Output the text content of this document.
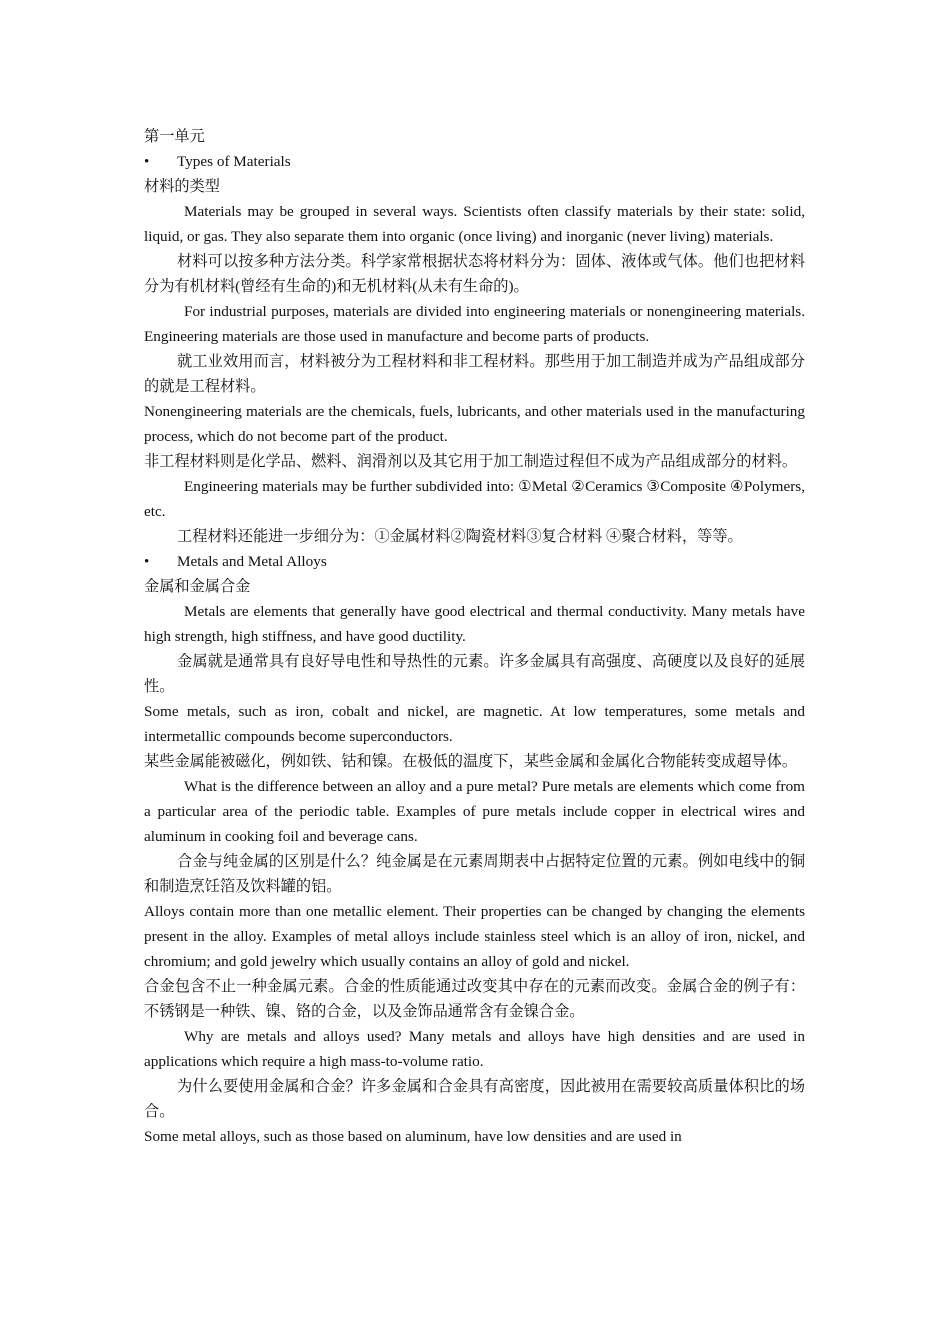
第一单元

•	Types of Materials

材料的类型

Materials may be grouped in several ways. Scientists often classify materials by their state: solid, liquid, or gas. They also separate them into organic (once living) and inorganic (never living) materials.

材料可以按多种方法分类。科学家常根据状态将材料分为：固体、液体或气体。他们也把材料分为有机材料(曾经有生命的)和无机材料(从未有生命的)。

For industrial purposes, materials are divided into engineering materials or nonengineering materials. Engineering materials are those used in manufacture and become parts of products.

就工业效用而言，材料被分为工程材料和非工程材料。那些用于加工制造并成为产品组成部分的就是工程材料。

Nonengineering materials are the chemicals, fuels, lubricants, and other materials used in the manufacturing process, which do not become part of the product.

非工程材料则是化学品、燃料、润滑剂以及其它用于加工制造过程但不成为产品组成部分的材料。

Engineering materials may be further subdivided into: ①Metal ②Ceramics ③Composite ④Polymers, etc.

工程材料还能进一步细分为：①金属材料②陶瓷材料③复合材料 ④聚合材料，等等。

•	Metals and Metal Alloys

金属和金属合金

Metals are elements that generally have good electrical and thermal conductivity. Many metals have high strength, high stiffness, and have good ductility.

金属就是通常具有良好导电性和导热性的元素。许多金属具有高强度、高硬度以及良好的延展性。

Some metals, such as iron, cobalt and nickel, are magnetic. At low temperatures, some metals and intermetallic compounds become superconductors.

某些金属能被磁化，例如铁、钴和镍。在极低的温度下，某些金属和金属化合物能转变成超导体。

What is the difference between an alloy and a pure metal? Pure metals are elements which come from a particular area of the periodic table. Examples of pure metals include copper in electrical wires and aluminum in cooking foil and beverage cans.

合金与纯金属的区别是什么？纯金属是在元素周期表中占据特定位置的元素。例如电线中的铜和制造烹饪箔及饮料罐的铝。

Alloys contain more than one metallic element. Their properties can be changed by changing the elements present in the alloy. Examples of metal alloys include stainless steel which is an alloy of iron, nickel, and chromium; and gold jewelry which usually contains an alloy of gold and nickel.

合金包含不止一种金属元素。合金的性质能通过改变其中存在的元素而改变。金属合金的例子有：不锈钢是一种铁、镍、铬的合金，以及金饰品通常含有金镍合金。

Why are metals and alloys used? Many metals and alloys have high densities and are used in applications which require a high mass-to-volume ratio.

为什么要使用金属和合金？许多金属和合金具有高密度，因此被用在需要较高质量体积比的场合。

Some metal alloys, such as those based on aluminum, have low densities and are used in
